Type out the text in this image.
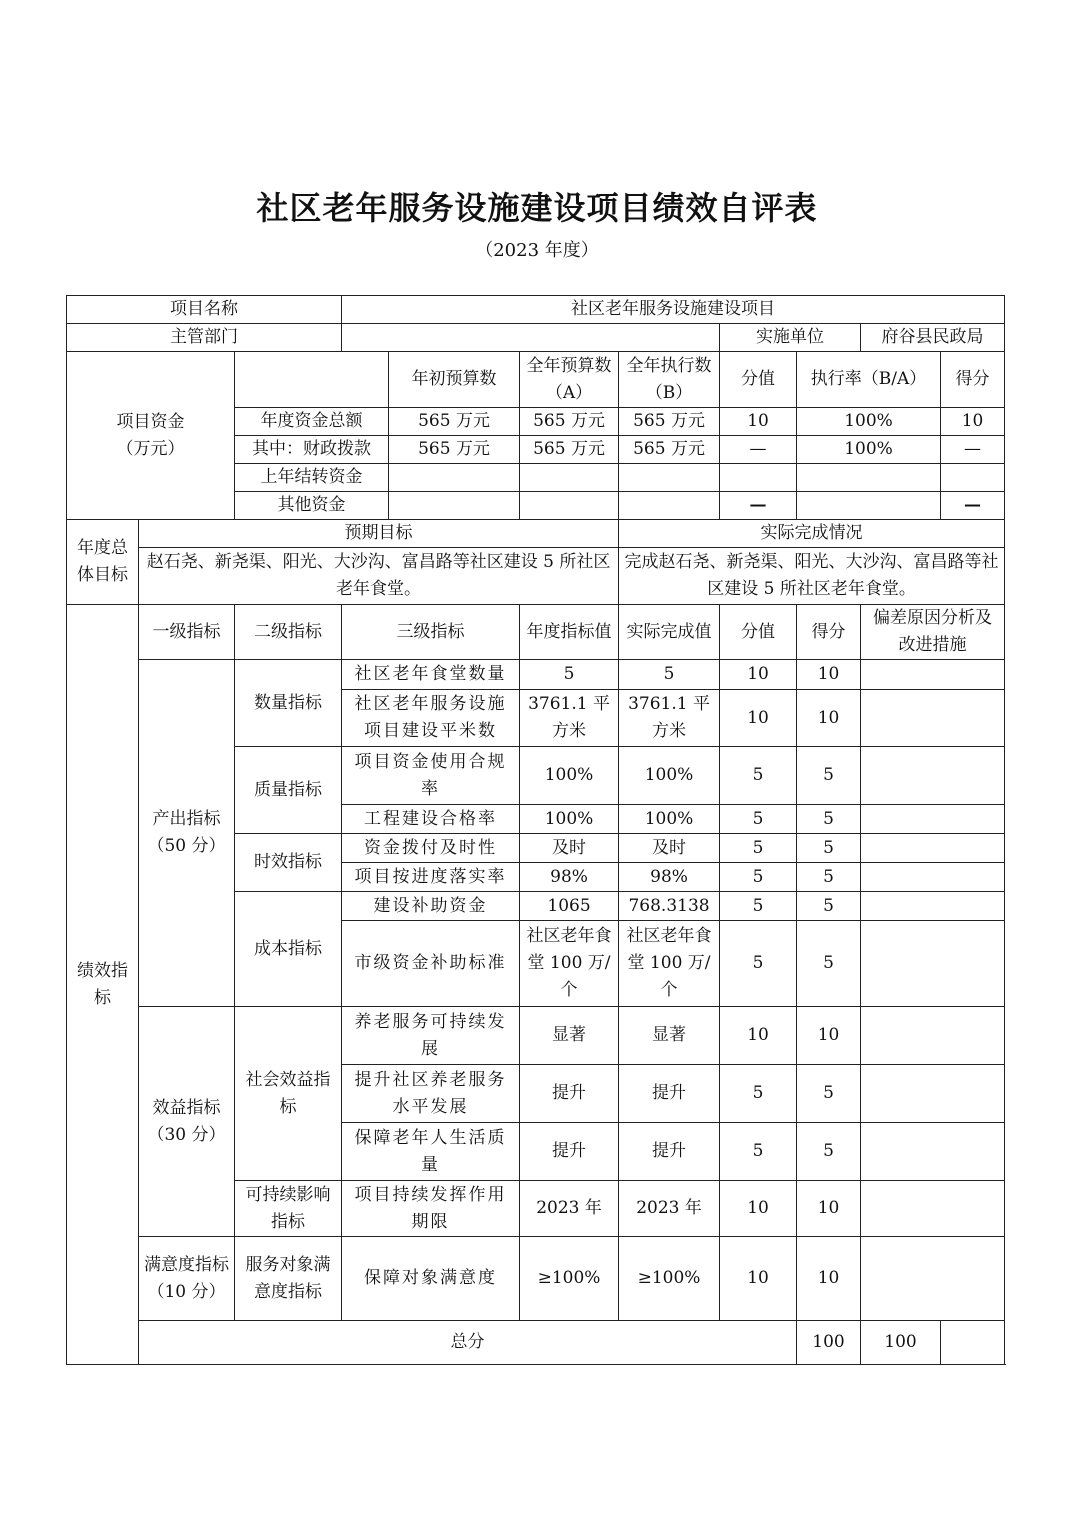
社区老年服务设施建设项目绩效自评表
（2023 年度）
项目名称			社区老年服务设施建设项目							
主管部门							实施单位		府谷县民政局	

项目资金
（万元）				年初预算数	全年预算数（A）	全年执行数（B）	分值	执行率（B/A）		得分
		年度资金总额		565 万元	565 万元	565 万元	10	100%		10
		其中：财政拨款		565 万元	565 万元	565 万元	—	100%		—
		上年结转资金								
		其他资金					—			—
年度总体目标	预期目标					实际完成情况				
	赵石尧、新尧渠、阳光、大沙沟、富昌路等社区建设 5 所社区老年食堂。					完成赵石尧、新尧渠、阳光、大沙沟、富昌路等社区建设 5 所社区老年食堂。				
绩效指标	一级指标	二级指标	三级指标		年度指标值	实际完成值	分值	得分	偏差原因分析及改进措施	
	产出指标（50 分）	数量指标	社区老年食堂数量		5	5	10	10		
			社区老年服务设施项目建设平米数		3761.1 平方米	3761.1 平方米	10	10		
		质量指标	项目资金使用合规率		100%	100%	5	5		
			工程建设合格率		100%	100%	5	5		
		时效指标	资金拨付及时性		及时	及时	5	5		
			项目按进度落实率		98%	98%	5	5		
		成本指标	建设补助资金		1065	768.3138	5	5		
			市级资金补助标准		社区老年食堂 100 万/个	社区老年食堂 100 万/个	5	5		
	效益指标（30 分）	社会效益指标	养老服务可持续发展		显著	显著	10	10		
			提升社区养老服务水平发展		提升	提升	5	5		
			保障老年人生活质量		提升	提升	5	5		
		可持续影响指标	项目持续发挥作用期限		2023 年	2023 年	10	10		
	满意度指标（10 分）	服务对象满意度指标	保障对象满意度		≥100%	≥100%	10	10		
	总分							100	100	
